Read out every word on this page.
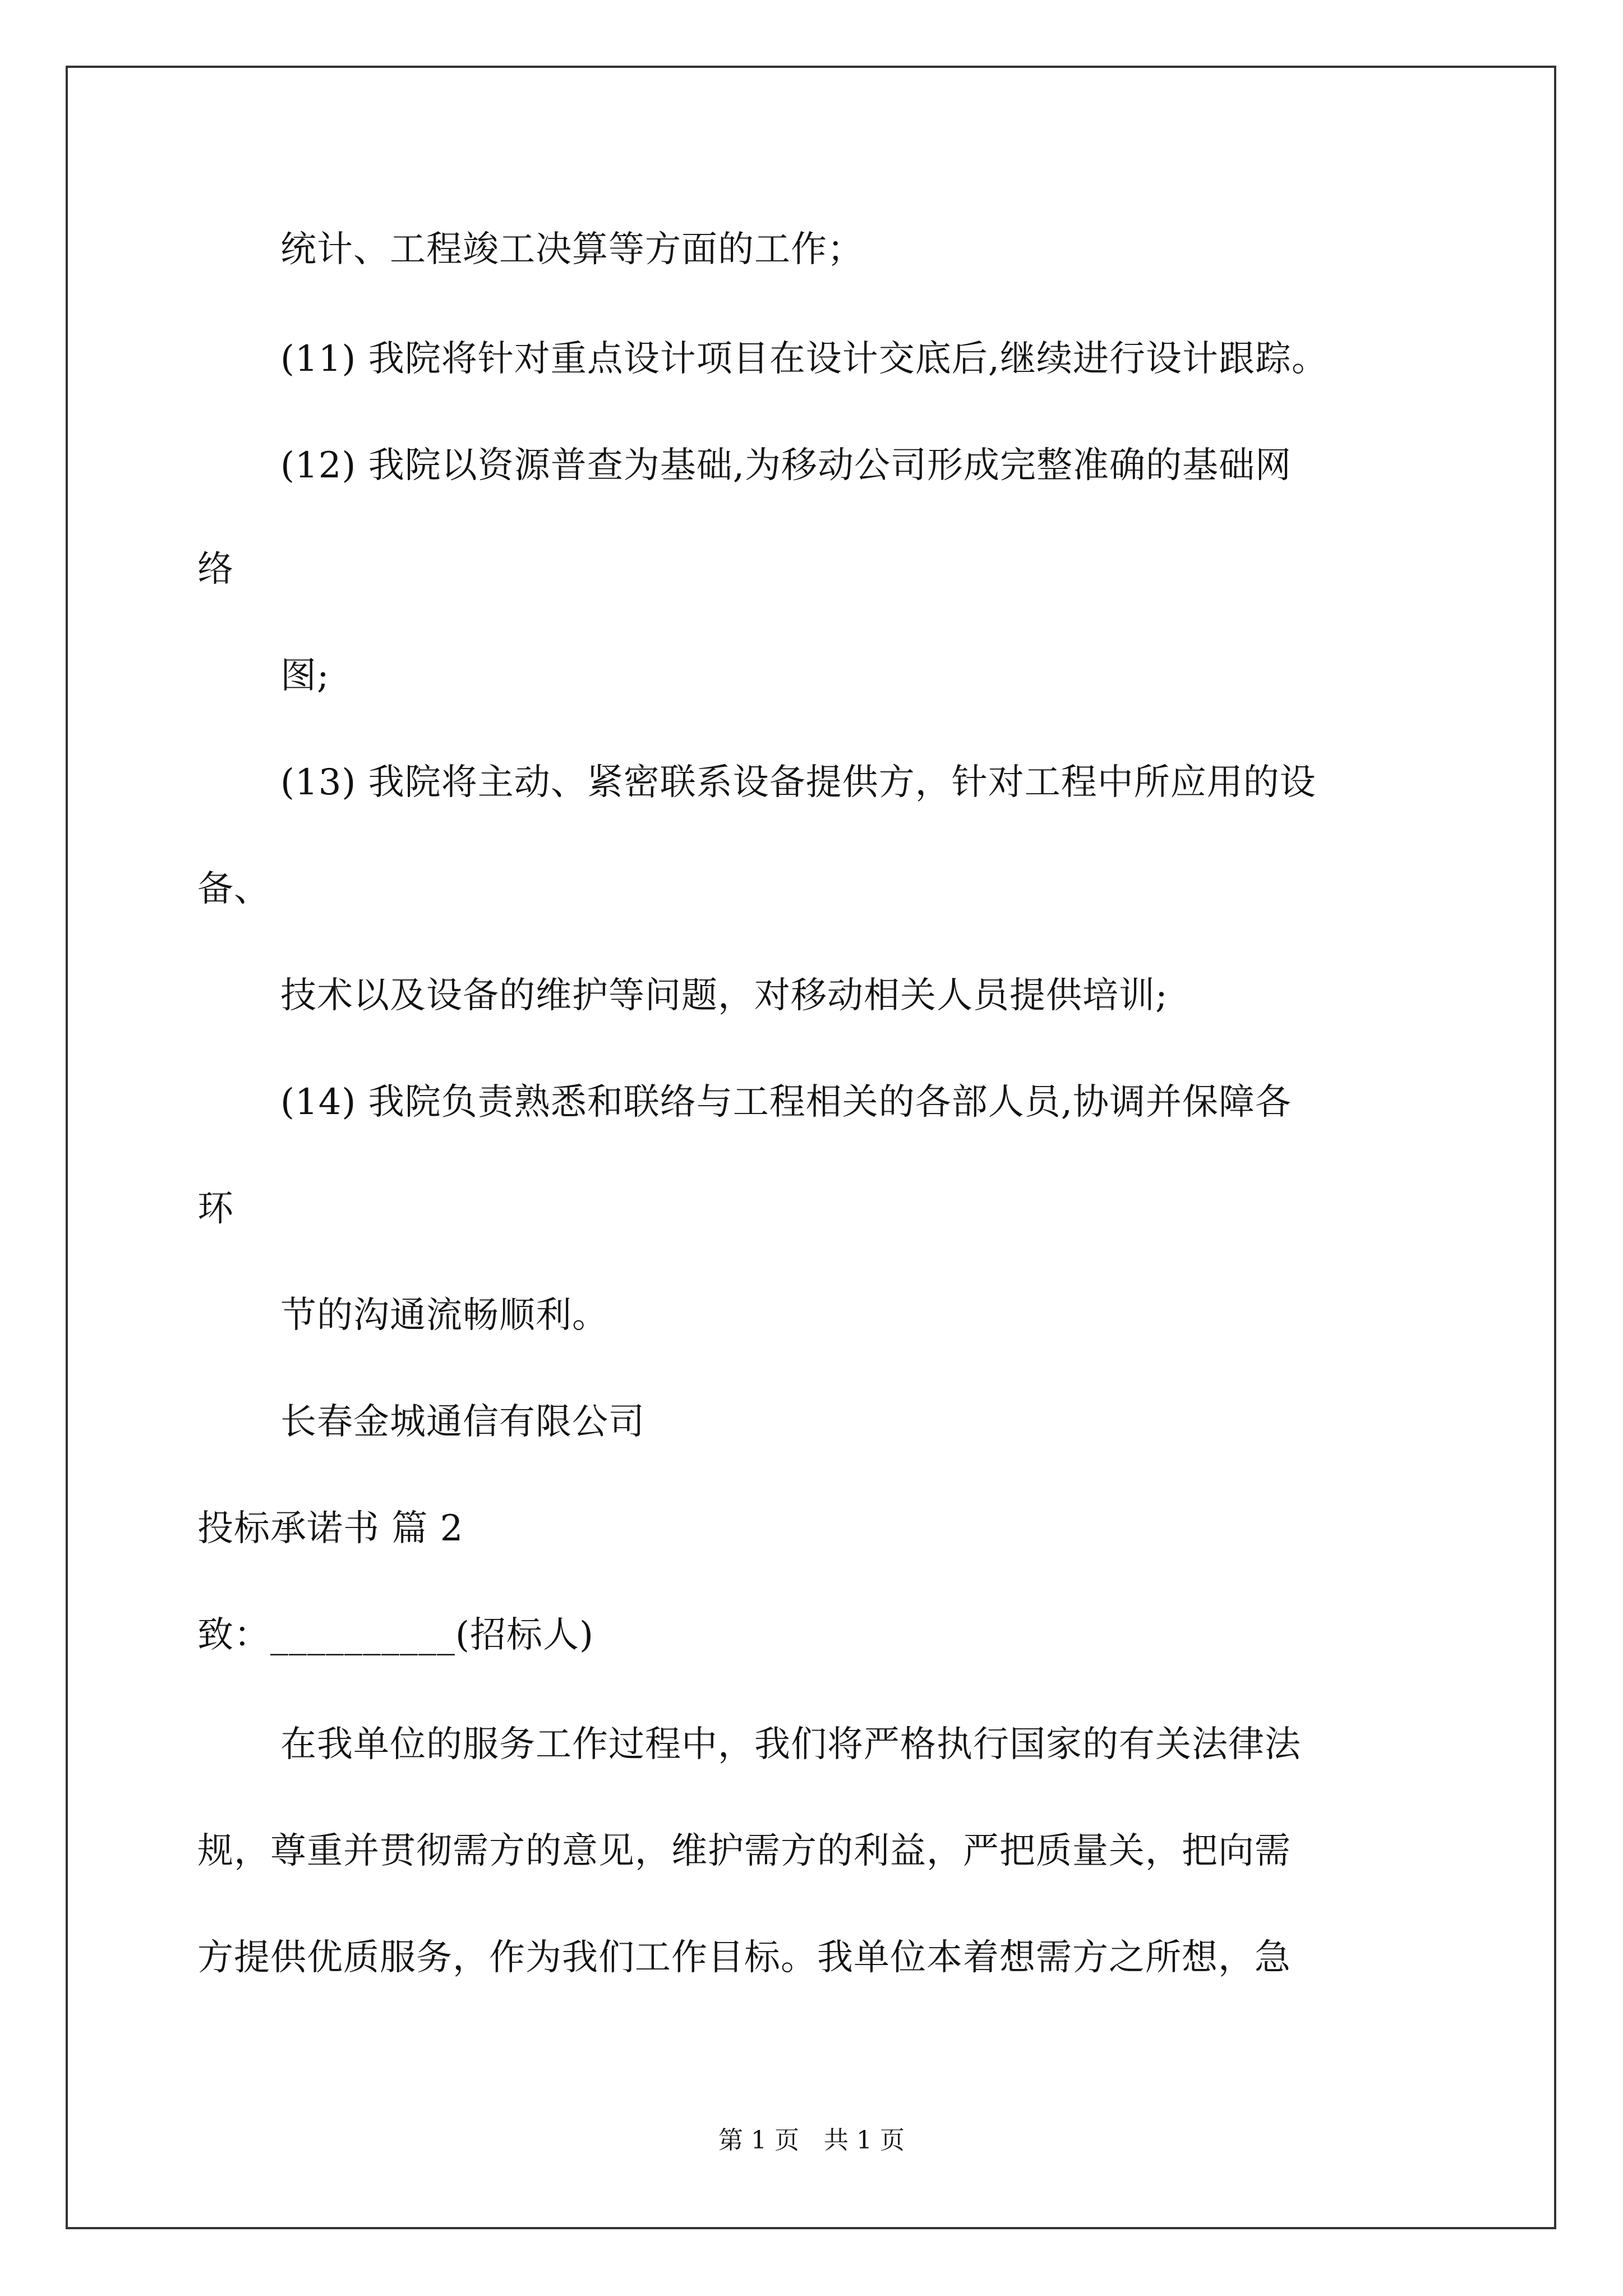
统计、工程竣工决算等方面的工作；
(11) 我院将针对重点设计项目在设计交底后,继续进行设计跟踪。
(12) 我院以资源普查为基础,为移动公司形成完整准确的基础网
络
图;
(13) 我院将主动、紧密联系设备提供方，针对工程中所应用的设
备、
技术以及设备的维护等问题，对移动相关人员提供培训;
(14) 我院负责熟悉和联络与工程相关的各部人员,协调并保障各
环
节的沟通流畅顺利。
长春金城通信有限公司
投标承诺书 篇 2
致：__________(招标人)
在我单位的服务工作过程中，我们将严格执行国家的有关法律法
规，尊重并贯彻需方的意见，维护需方的利益，严把质量关，把向需
方提供优质服务，作为我们工作目标。我单位本着想需方之所想，急
第 1 页　共 1 页
